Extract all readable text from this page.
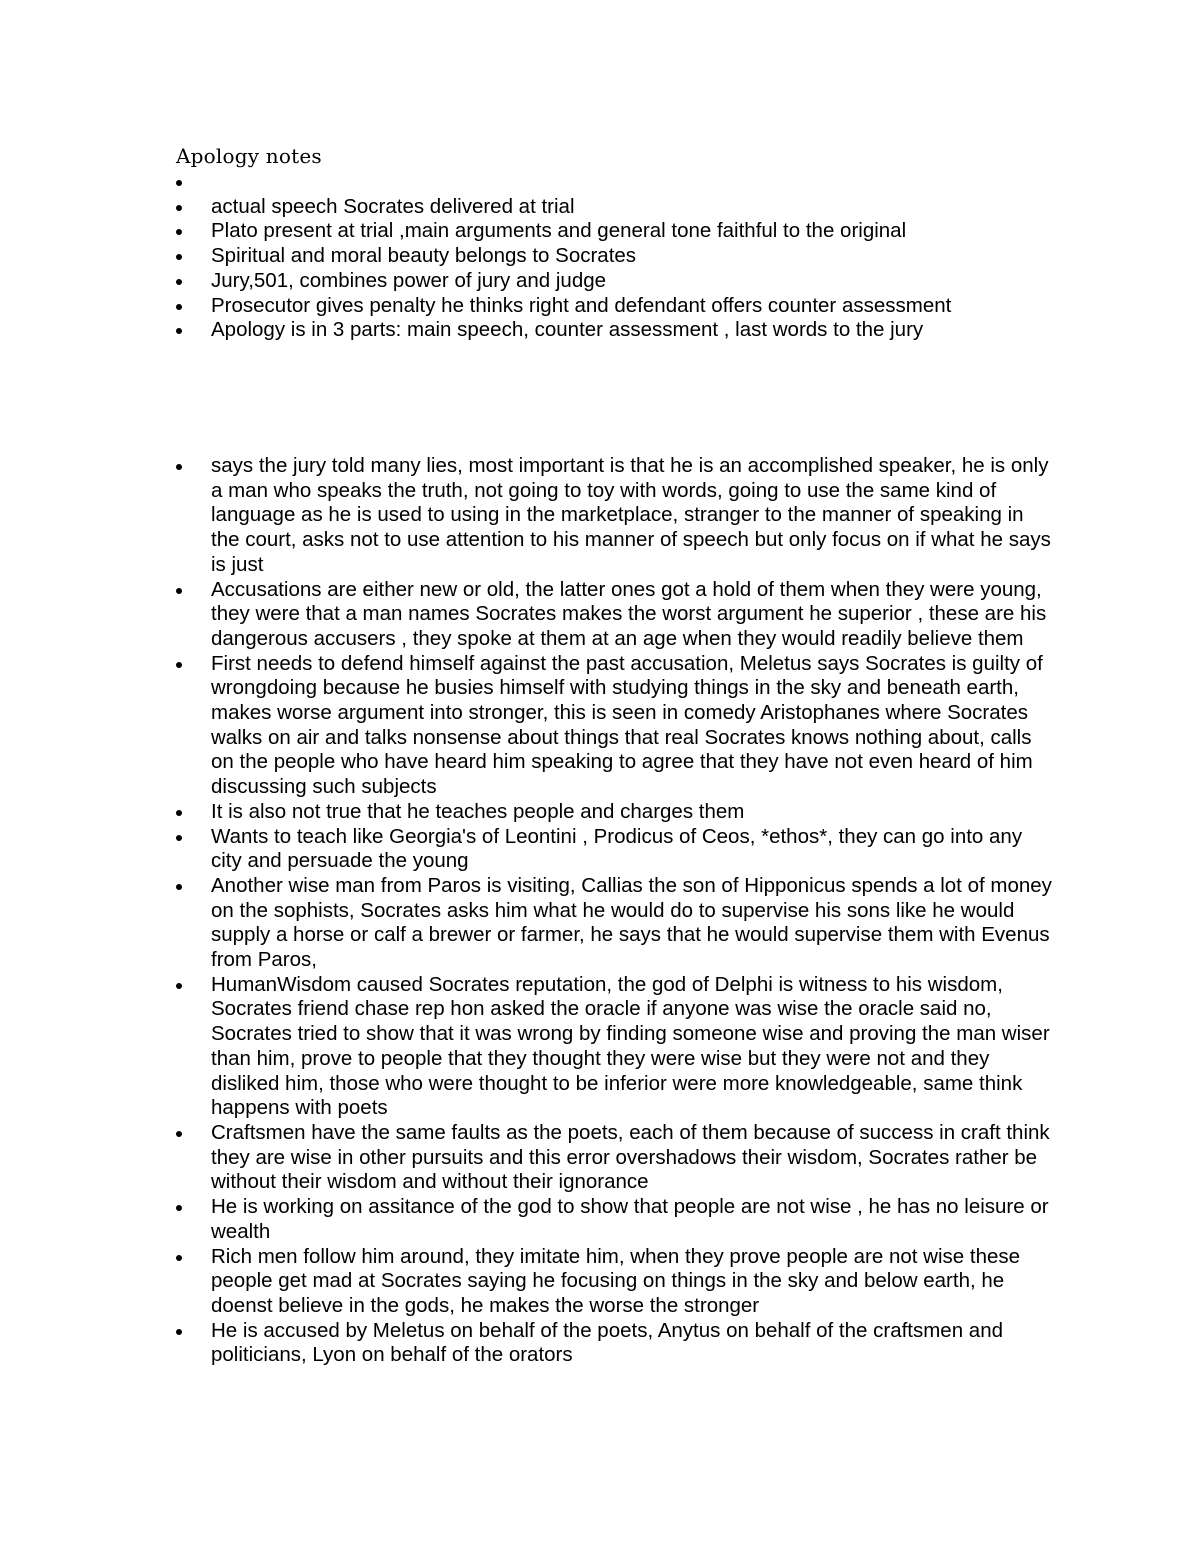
Apology notes
actual speech Socrates delivered at trial
Plato present at trial ,main arguments and general tone faithful to the original
Spiritual and moral beauty belongs to Socrates
Jury,501, combines power of jury and judge
Prosecutor gives penalty he thinks right and defendant offers counter assessment
Apology is in 3 parts: main speech, counter assessment , last words to the jury
says the jury told many lies, most important is that he is an accomplished speaker, he is only a man who speaks the truth, not going to toy with words, going to use the same kind of language as he is used to using in the marketplace, stranger to the manner of speaking in the court, asks not to use attention to his manner of speech but only focus on if what he says is just
Accusations are either new or old, the latter ones got a hold of them when they were young, they were that a man names Socrates makes the worst argument he superior , these are his dangerous accusers , they spoke at them at an age when they would readily believe them
First needs to defend himself against the past accusation, Meletus says Socrates is guilty of wrongdoing because he busies himself with studying things in the sky and beneath earth, makes worse argument into stronger, this is seen in comedy Aristophanes where Socrates walks on air and talks nonsense about things that real Socrates knows nothing about, calls on the people who have heard him speaking to agree that they have not even heard of him discussing such subjects
It is also not true that he teaches people and charges them
Wants to teach like Georgia's of Leontini , Prodicus of Ceos, *ethos*, they can go into any city and persuade the young
Another wise man from Paros is visiting, Callias the son of Hipponicus spends a lot of money on the sophists, Socrates asks him what he would do to supervise his sons like he would supply a horse or calf a brewer or farmer, he says that he would supervise them with Evenus from Paros,
HumanWisdom caused Socrates reputation, the god of Delphi is witness to his wisdom, Socrates friend chase rep hon asked the oracle if anyone was wise the oracle said no, Socrates tried to show that it was wrong by finding someone wise and proving the man wiser than him, prove to people that they thought they were wise but they were not and they disliked him, those who were thought to be inferior were more knowledgeable, same think happens with poets
Craftsmen have the same faults as the poets, each of them because of success in craft think they are wise in other pursuits and this error overshadows their wisdom, Socrates rather be without their wisdom and without their ignorance
He is working on assitance of the god to show that people are not wise , he has no leisure or wealth
Rich men follow him around, they imitate him, when they prove people are not wise these people get mad at Socrates saying he focusing on things in the sky and below earth, he doenst believe in the gods, he makes the worse the stronger
He is accused by Meletus on behalf of the poets, Anytus on behalf of the craftsmen and politicians, Lyon on behalf of the orators
